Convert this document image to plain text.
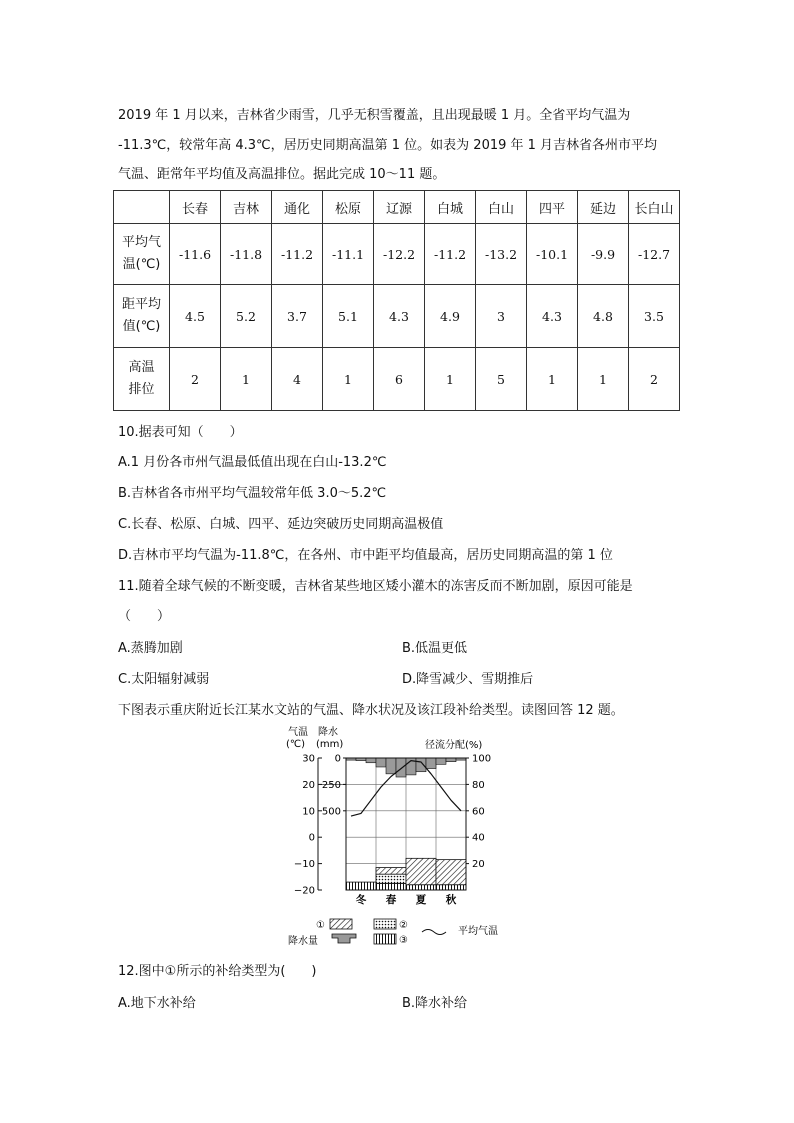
2019 年 1 月以来，吉林省少雨雪，几乎无积雪覆盖，且出现最暖 1 月。全省平均气温为
-11.3℃，较常年高 4.3℃，居历史同期高温第 1 位。如表为 2019 年 1 月吉林省各州市平均
气温、距常年平均值及高温排位。据此完成 10～11 题。
	长春	吉林	通化	松原	辽源	白城	白山	四平	延边	长白山
平均气
温(℃)	-11.6	-11.8	-11.2	-11.1	-12.2	-11.2	-13.2	-10.1	-9.9	-12.7
距平均
值(℃)	4.5	5.2	3.7	5.1	4.3	4.9	3	4.3	4.8	3.5
高温
排位	2	1	4	1	6	1	5	1	1	2
10.据表可知（　　）
A.1 月份各市州气温最低值出现在白山-13.2℃
B.吉林省各市州平均气温较常年低 3.0～5.2℃
C.长春、松原、白城、四平、延边突破历史同期高温极值
D.吉林市平均气温为-11.8℃，在各州、市中距平均值最高，居历史同期高温的第 1 位
11.随着全球气候的不断变暖，吉林省某些地区矮小灌木的冻害反而不断加剧，原因可能是
（　　）
A.蒸腾加剧	B.低温更低
C.太阳辐射减弱	D.降雪减少、雪期推后
下图表示重庆附近长江某水文站的气温、降水状况及该江段补给类型。读图回答 12 题。
气温
(℃)
降水
(mm)	径流分配(%)
30
20
10
0
−10
−20
0
250
500
100
80
60
40
20
冬 春 夏 秋
①	②
降水量	③
平均气温
12.图中①所示的补给类型为(　　)
A.地下水补给	B.降水补给
